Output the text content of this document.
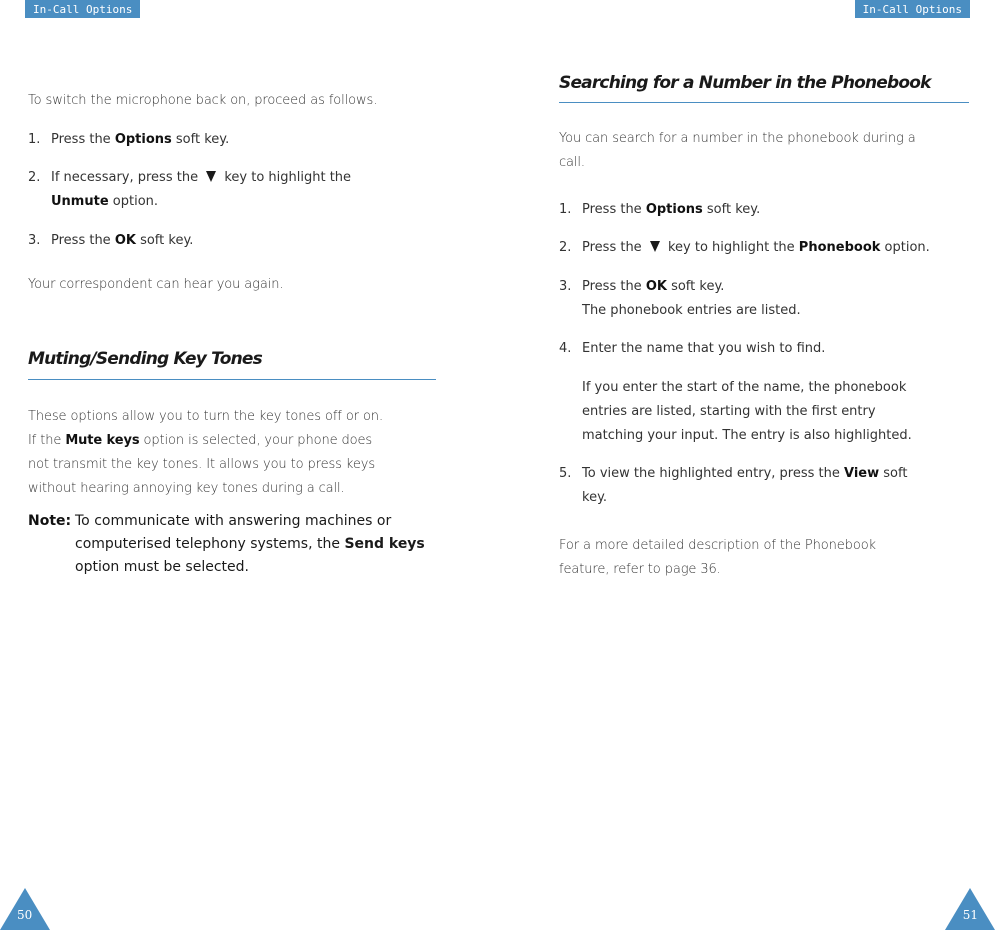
In-Call Options	In-Call Options

To switch the microphone back on, proceed as follows.

1. Press the Options soft key.
2. If necessary, press the  key to highlight the
Unmute option.
3. Press the OK soft key.

Your correspondent can hear you again.

Muting/Sending Key Tones

These options allow you to turn the key tones off or on.

If the Mute keys option is selected, your phone does

not transmit the key tones. It allows you to press keys

without hearing annoying key tones during a call.

Note: To communicate with answering machines or

computerised telephony systems, the Send keys

option must be selected.

Searching for a Number in the Phonebook

You can search for a number in the phonebook during a

call.

1. Press the Options soft key.
2. Press the  key to highlight the Phonebook option.
3. Press the OK soft key.
The phonebook entries are listed.
4. Enter the name that you wish to find.
If you enter the start of the name, the phonebook
entries are listed, starting with the first entry
matching your input. The entry is also highlighted.
5. To view the highlighted entry, press the View soft
key.

For a more detailed description of the Phonebook

feature, refer to page 36.

50	51
